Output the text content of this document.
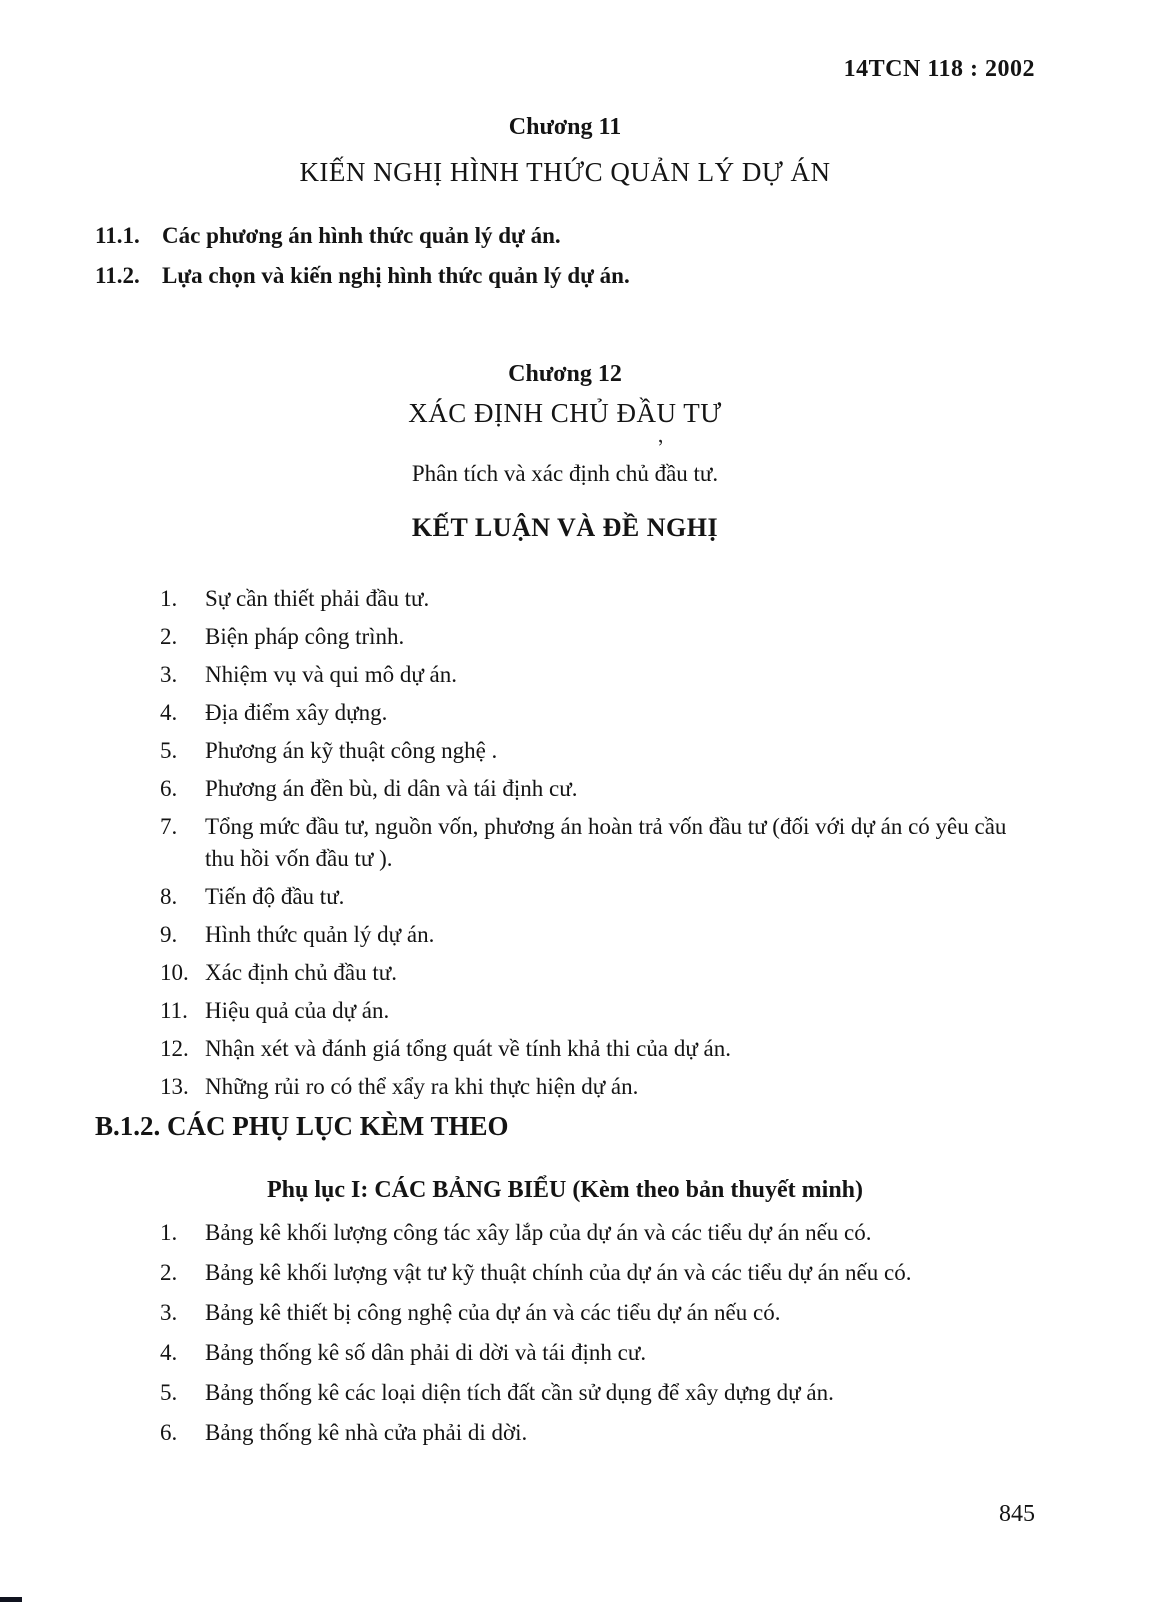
14TCN 118 : 2002
Chương 11
KIẾN NGHỊ HÌNH THỨC QUẢN LÝ DỰ ÁN
11.1. Các phương án hình thức quản lý dự án.
11.2. Lựa chọn và kiến nghị hình thức quản lý dự án.
Chương 12
XÁC ĐỊNH CHỦ ĐẦU TƯ
Phân tích và xác định chủ đầu tư.
KẾT LUẬN VÀ ĐỀ NGHỊ
1.	Sự cần thiết phải đầu tư.
2.	Biện pháp công trình.
3.	Nhiệm vụ và qui mô dự án.
4.	Địa điểm xây dựng.
5.	Phương án kỹ thuật công nghệ .
6.	Phương án đền bù, di dân và tái định cư.
7.	Tổng mức đầu tư, nguồn vốn, phương án hoàn trả vốn đầu tư (đối với dự án có yêu cầu thu hồi vốn đầu tư ).
8.	Tiến độ đầu tư.
9.	Hình thức quản lý dự án.
10. Xác định chủ đầu tư.
11. Hiệu quả của dự án.
12. Nhận xét và đánh giá tổng quát về tính khả thi của dự án.
13. Những rủi ro có thể xẩy ra khi thực hiện dự án.
B.1.2. CÁC PHỤ LỤC KÈM THEO
Phụ lục I: CÁC BẢNG BIỂU (Kèm theo bản thuyết minh)
1.	Bảng kê khối lượng công tác xây lắp của dự án và các tiểu dự án nếu có.
2.	Bảng kê khối lượng vật tư kỹ thuật chính của dự án và các tiểu dự án nếu có.
3.	Bảng kê thiết bị công nghệ của dự án và các tiểu dự án nếu có.
4.	Bảng thống kê số dân phải di dời và tái định cư.
5.	Bảng thống kê các loại diện tích đất cần sử dụng để xây dựng dự án.
6.	Bảng thống kê nhà cửa phải di dời.
,
845
